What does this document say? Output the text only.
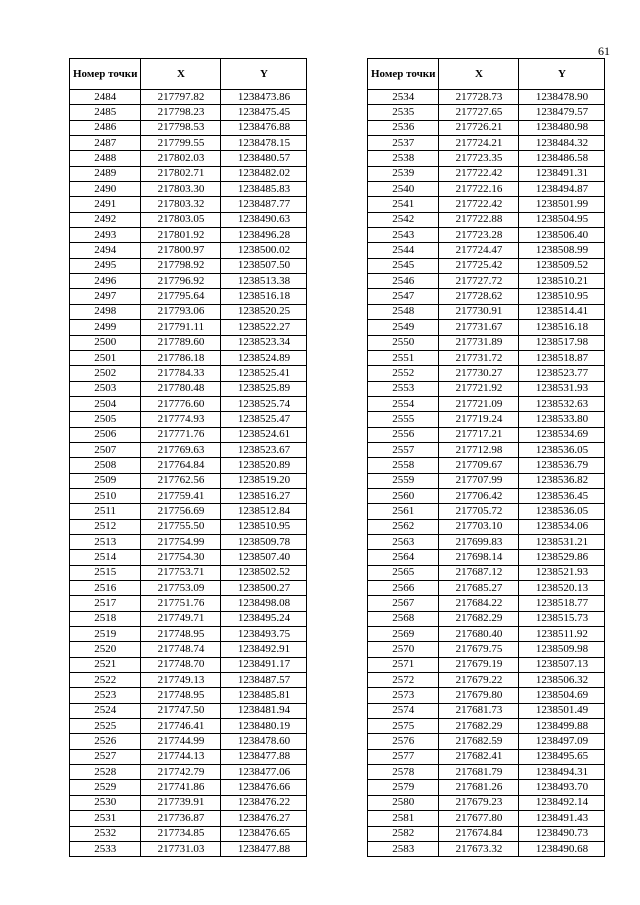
61
Номер точки	X	Y
2484	217797.82	1238473.86
2485	217798.23	1238475.45
2486	217798.53	1238476.88
2487	217799.55	1238478.15
2488	217802.03	1238480.57
2489	217802.71	1238482.02
2490	217803.30	1238485.83
2491	217803.32	1238487.77
2492	217803.05	1238490.63
2493	217801.92	1238496.28
2494	217800.97	1238500.02
2495	217798.92	1238507.50
2496	217796.92	1238513.38
2497	217795.64	1238516.18
2498	217793.06	1238520.25
2499	217791.11	1238522.27
2500	217789.60	1238523.34
2501	217786.18	1238524.89
2502	217784.33	1238525.41
2503	217780.48	1238525.89
2504	217776.60	1238525.74
2505	217774.93	1238525.47
2506	217771.76	1238524.61
2507	217769.63	1238523.67
2508	217764.84	1238520.89
2509	217762.56	1238519.20
2510	217759.41	1238516.27
2511	217756.69	1238512.84
2512	217755.50	1238510.95
2513	217754.99	1238509.78
2514	217754.30	1238507.40
2515	217753.71	1238502.52
2516	217753.09	1238500.27
2517	217751.76	1238498.08
2518	217749.71	1238495.24
2519	217748.95	1238493.75
2520	217748.74	1238492.91
2521	217748.70	1238491.17
2522	217749.13	1238487.57
2523	217748.95	1238485.81
2524	217747.50	1238481.94
2525	217746.41	1238480.19
2526	217744.99	1238478.60
2527	217744.13	1238477.88
2528	217742.79	1238477.06
2529	217741.86	1238476.66
2530	217739.91	1238476.22
2531	217736.87	1238476.27
2532	217734.85	1238476.65
2533	217731.03	1238477.88
Номер точки	X	Y
2534	217728.73	1238478.90
2535	217727.65	1238479.57
2536	217726.21	1238480.98
2537	217724.21	1238484.32
2538	217723.35	1238486.58
2539	217722.42	1238491.31
2540	217722.16	1238494.87
2541	217722.42	1238501.99
2542	217722.88	1238504.95
2543	217723.28	1238506.40
2544	217724.47	1238508.99
2545	217725.42	1238509.52
2546	217727.72	1238510.21
2547	217728.62	1238510.95
2548	217730.91	1238514.41
2549	217731.67	1238516.18
2550	217731.89	1238517.98
2551	217731.72	1238518.87
2552	217730.27	1238523.77
2553	217721.92	1238531.93
2554	217721.09	1238532.63
2555	217719.24	1238533.80
2556	217717.21	1238534.69
2557	217712.98	1238536.05
2558	217709.67	1238536.79
2559	217707.99	1238536.82
2560	217706.42	1238536.45
2561	217705.72	1238536.05
2562	217703.10	1238534.06
2563	217699.83	1238531.21
2564	217698.14	1238529.86
2565	217687.12	1238521.93
2566	217685.27	1238520.13
2567	217684.22	1238518.77
2568	217682.29	1238515.73
2569	217680.40	1238511.92
2570	217679.75	1238509.98
2571	217679.19	1238507.13
2572	217679.22	1238506.32
2573	217679.80	1238504.69
2574	217681.73	1238501.49
2575	217682.29	1238499.88
2576	217682.59	1238497.09
2577	217682.41	1238495.65
2578	217681.79	1238494.31
2579	217681.26	1238493.70
2580	217679.23	1238492.14
2581	217677.80	1238491.43
2582	217674.84	1238490.73
2583	217673.32	1238490.68
